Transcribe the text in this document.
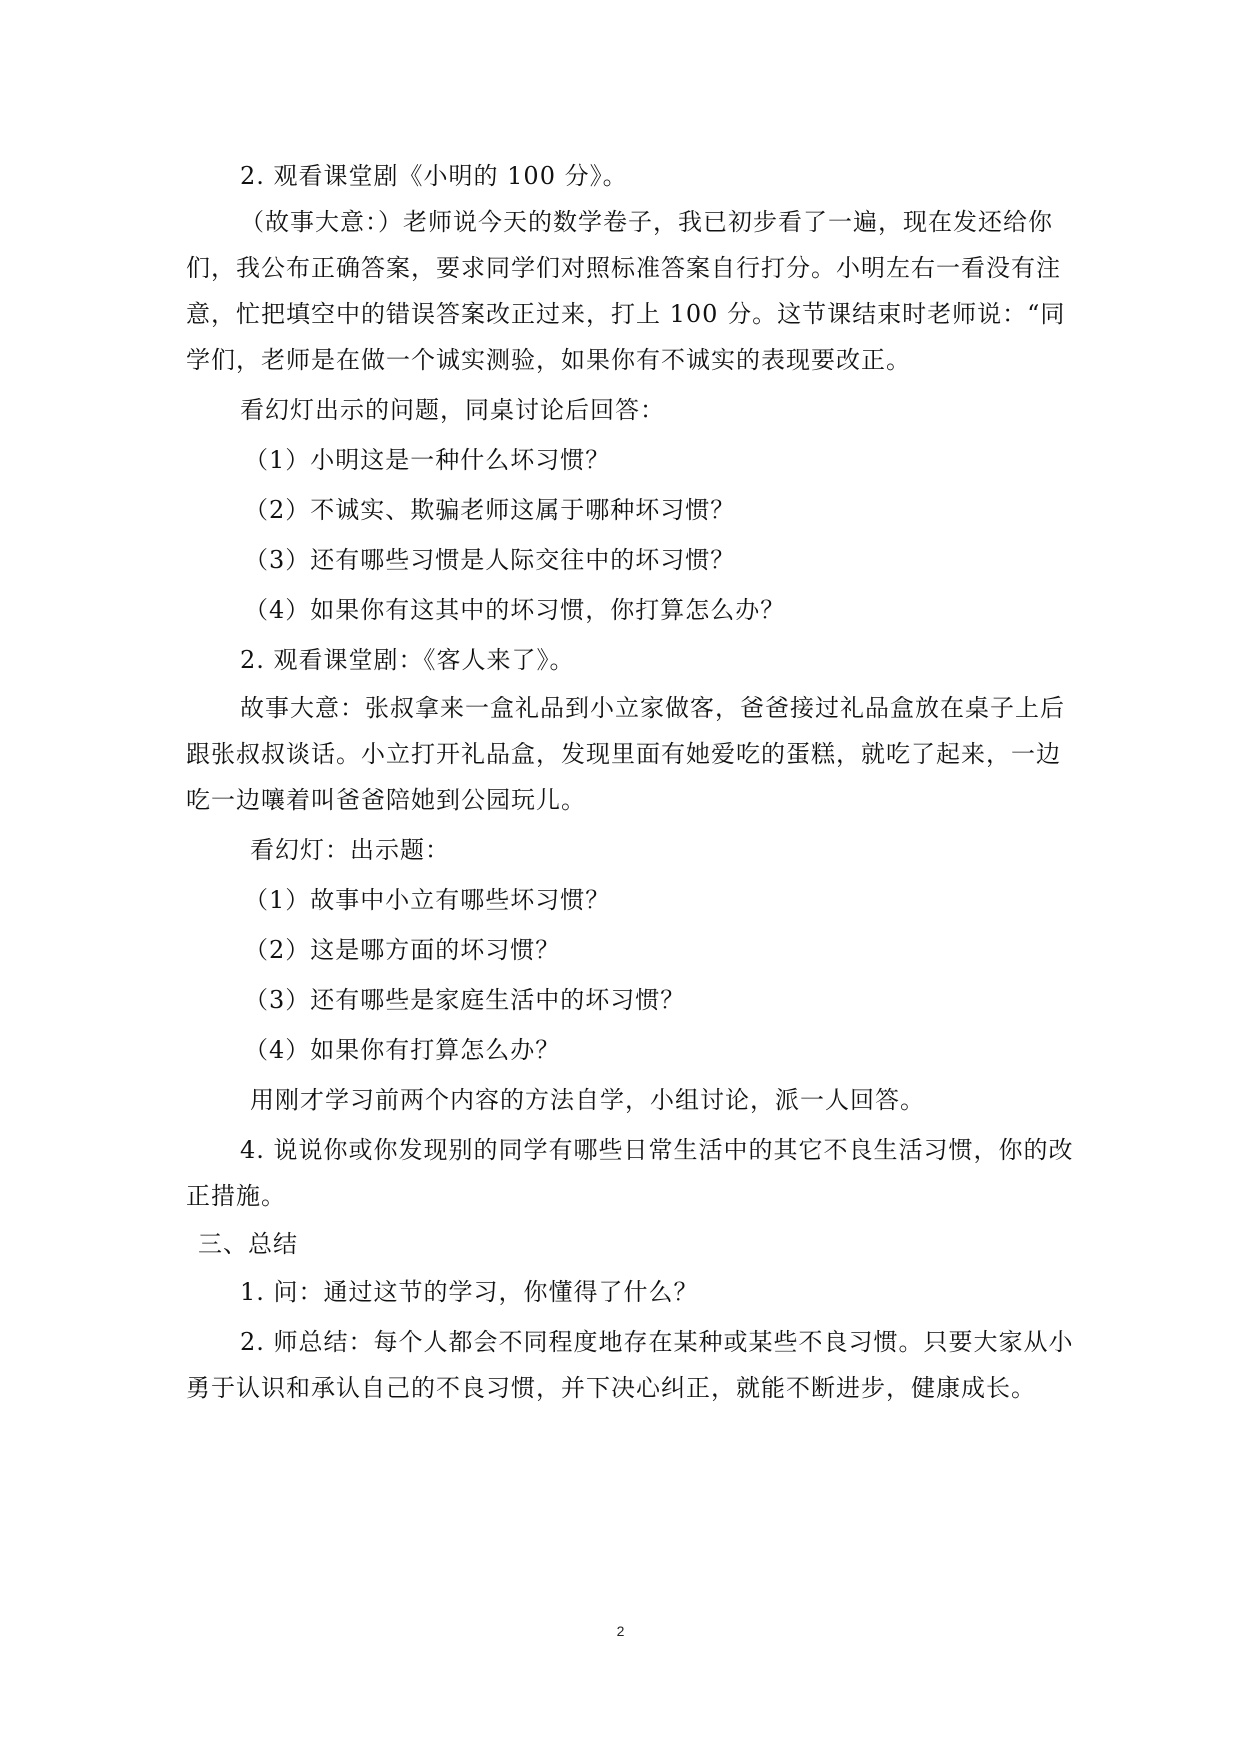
2. 观看课堂剧《小明的 100 分》。
（故事大意：）老师说今天的数学卷子，我已初步看了一遍，现在发还给你
们，我公布正确答案，要求同学们对照标准答案自行打分。小明左右一看没有注
意，忙把填空中的错误答案改正过来，打上 100 分。这节课结束时老师说：“同
学们，老师是在做一个诚实测验，如果你有不诚实的表现要改正。
看幻灯出示的问题，同桌讨论后回答：
（1）小明这是一种什么坏习惯？
（2）不诚实、欺骗老师这属于哪种坏习惯？
（3）还有哪些习惯是人际交往中的坏习惯？
（4）如果你有这其中的坏习惯，你打算怎么办？
2. 观看课堂剧：《客人来了》。
故事大意：张叔拿来一盒礼品到小立家做客，爸爸接过礼品盒放在桌子上后
跟张叔叔谈话。小立打开礼品盒，发现里面有她爱吃的蛋糕，就吃了起来，一边
吃一边嚷着叫爸爸陪她到公园玩儿。
看幻灯：出示题：
（1）故事中小立有哪些坏习惯？
（2）这是哪方面的坏习惯？
（3）还有哪些是家庭生活中的坏习惯？
（4）如果你有打算怎么办？
用刚才学习前两个内容的方法自学，小组讨论，派一人回答。
4. 说说你或你发现别的同学有哪些日常生活中的其它不良生活习惯，你的改
正措施。
三、总结
1. 问：通过这节的学习，你懂得了什么？
2. 师总结：每个人都会不同程度地存在某种或某些不良习惯。只要大家从小
勇于认识和承认自己的不良习惯，并下决心纠正，就能不断进步，健康成长。
2
